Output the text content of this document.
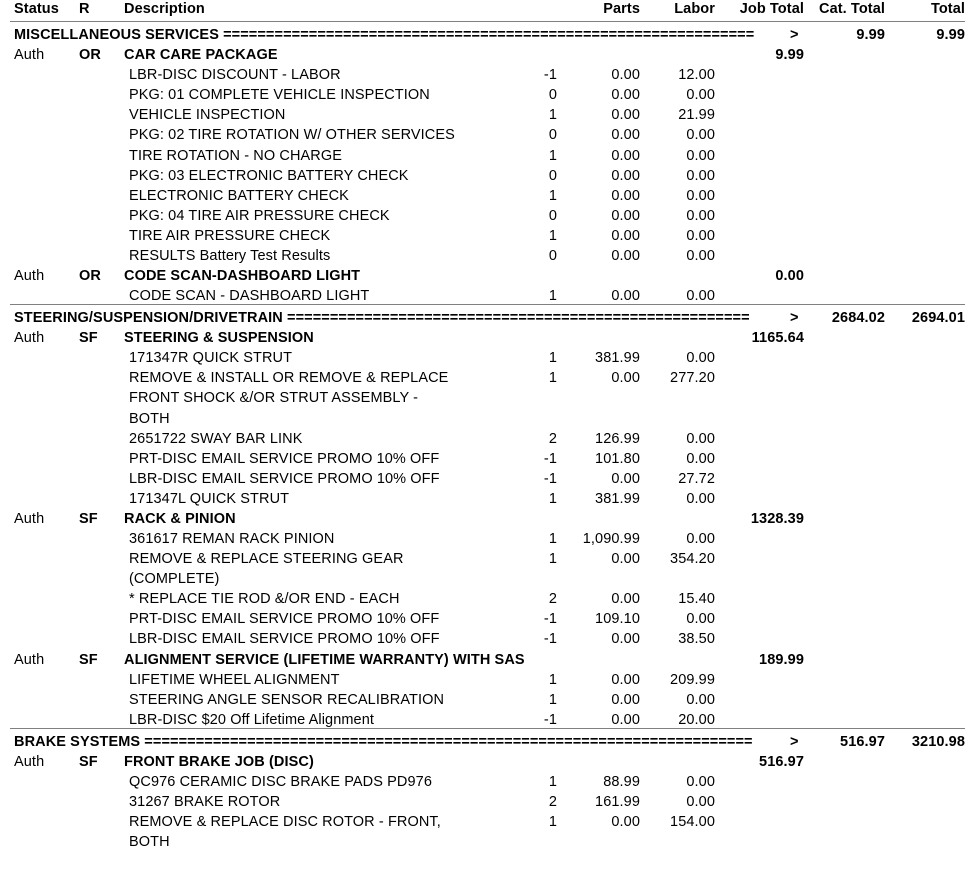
Status R Description	Parts	Labor	Job Total	Cat. Total	Total
MISCELLANEOUS SERVICES ==============================================================	>	9.99	9.99
Auth OR CAR CARE PACKAGE	9.99
LBR-DISC DISCOUNT - LABOR	-1	0.00	12.00
PKG: 01 COMPLETE VEHICLE INSPECTION	0	0.00	0.00
VEHICLE INSPECTION	1	0.00	21.99
PKG: 02 TIRE ROTATION W/ OTHER SERVICES	0	0.00	0.00
TIRE ROTATION - NO CHARGE	1	0.00	0.00
PKG: 03 ELECTRONIC BATTERY CHECK	0	0.00	0.00
ELECTRONIC BATTERY CHECK	1	0.00	0.00
PKG: 04 TIRE AIR PRESSURE CHECK	0	0.00	0.00
TIRE AIR PRESSURE CHECK	1	0.00	0.00
RESULTS Battery Test Results	0	0.00	0.00
Auth OR CODE SCAN-DASHBOARD LIGHT	0.00
CODE SCAN - DASHBOARD LIGHT	1	0.00	0.00
STEERING/SUSPENSION/DRIVETRAIN ======================================================	>	2684.02	2694.01
Auth SF STEERING & SUSPENSION	1165.64
171347R QUICK STRUT	1	381.99	0.00
REMOVE & INSTALL OR REMOVE & REPLACE	1	0.00	277.20
FRONT SHOCK &/OR STRUT ASSEMBLY -
BOTH
2651722 SWAY BAR LINK	2	126.99	0.00
PRT-DISC EMAIL SERVICE PROMO 10% OFF	-1	101.80	0.00
LBR-DISC EMAIL SERVICE PROMO 10% OFF	-1	0.00	27.72
171347L QUICK STRUT	1	381.99	0.00
Auth SF RACK & PINION	1328.39
361617 REMAN RACK PINION	1	1,090.99	0.00
REMOVE & REPLACE STEERING GEAR	1	0.00	354.20
(COMPLETE)
* REPLACE TIE ROD &/OR END - EACH	2	0.00	15.40
PRT-DISC EMAIL SERVICE PROMO 10% OFF	-1	109.10	0.00
LBR-DISC EMAIL SERVICE PROMO 10% OFF	-1	0.00	38.50
Auth SF ALIGNMENT SERVICE (LIFETIME WARRANTY) WITH SAS	189.99
LIFETIME WHEEL ALIGNMENT	1	0.00	209.99
STEERING ANGLE SENSOR RECALIBRATION	1	0.00	0.00
LBR-DISC $20 Off Lifetime Alignment	-1	0.00	20.00
BRAKE SYSTEMS =======================================================================	>	516.97	3210.98
Auth SF FRONT BRAKE JOB (DISC)	516.97
QC976 CERAMIC DISC BRAKE PADS PD976	1	88.99	0.00
31267 BRAKE ROTOR	2	161.99	0.00
REMOVE & REPLACE DISC ROTOR - FRONT,	1	0.00	154.00
BOTH
